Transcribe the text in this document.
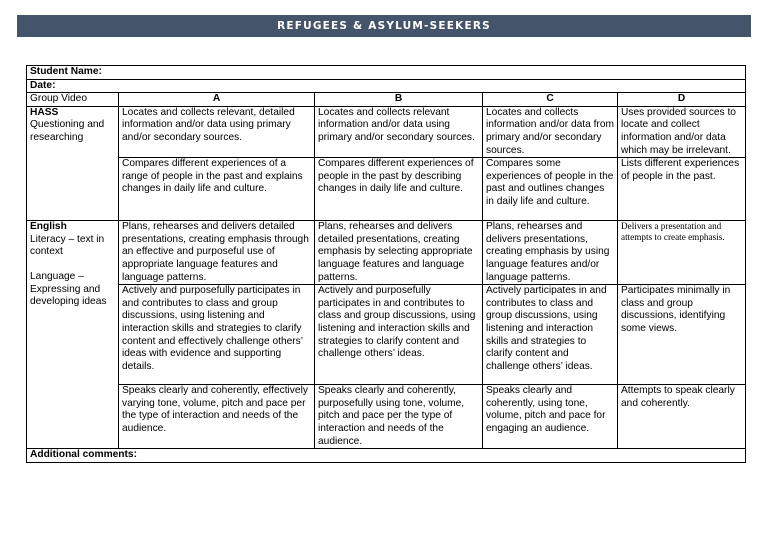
REFUGEES & ASYLUM-SEEKERS
Student Name:				
Date:				
Group Video	A	B	C	D

HASS
Questioning and researching	Locates and collects relevant, detailed information and/or data using primary and/or secondary sources.	Locates and collects relevant information and/or data using primary and/or secondary sources.	Locates and collects information and/or data from primary and/or secondary sources.	Uses provided sources to locate and collect information and/or data which may be irrelevant.
	Compares different experiences of a range of people in the past and explains changes in daily life and culture.	Compares different experiences of people in the past by describing changes in daily life and culture.	Compares some experiences of people in the past and outlines changes in daily life and culture.	Lists different experiences of people in the past.

English
Literacy – text in context
Language – Expressing and developing ideas	Plans, rehearses and delivers detailed presentations, creating emphasis through an effective and purposeful use of appropriate language features and language patterns.	Plans, rehearses and delivers detailed presentations, creating emphasis by selecting appropriate language features and language patterns.	Plans, rehearses and delivers presentations, creating emphasis by using language features and/or language patterns.	Delivers a presentation and attempts to create emphasis.
	Actively and purposefully participates in and contributes to class and group discussions, using listening and interaction skills and strategies to clarify content and effectively challenge others’ ideas with evidence and supporting details.	Actively and purposefully participates in and contributes to class and group discussions, using listening and interaction skills and strategies to clarify content and challenge others’ ideas.	Actively participates in and contributes to class and group discussions, using listening and interaction skills and strategies to clarify content and challenge others’ ideas.	Participates minimally in class and group discussions, identifying some views.
	Speaks clearly and coherently, effectively varying tone, volume, pitch and pace per the type of interaction and needs of the audience.	Speaks clearly and coherently, purposefully using tone, volume, pitch and pace per the type of interaction and needs of the audience.	Speaks clearly and coherently, using tone, volume, pitch and pace for engaging an audience.	Attempts to speak clearly and coherently.
Additional comments:				
